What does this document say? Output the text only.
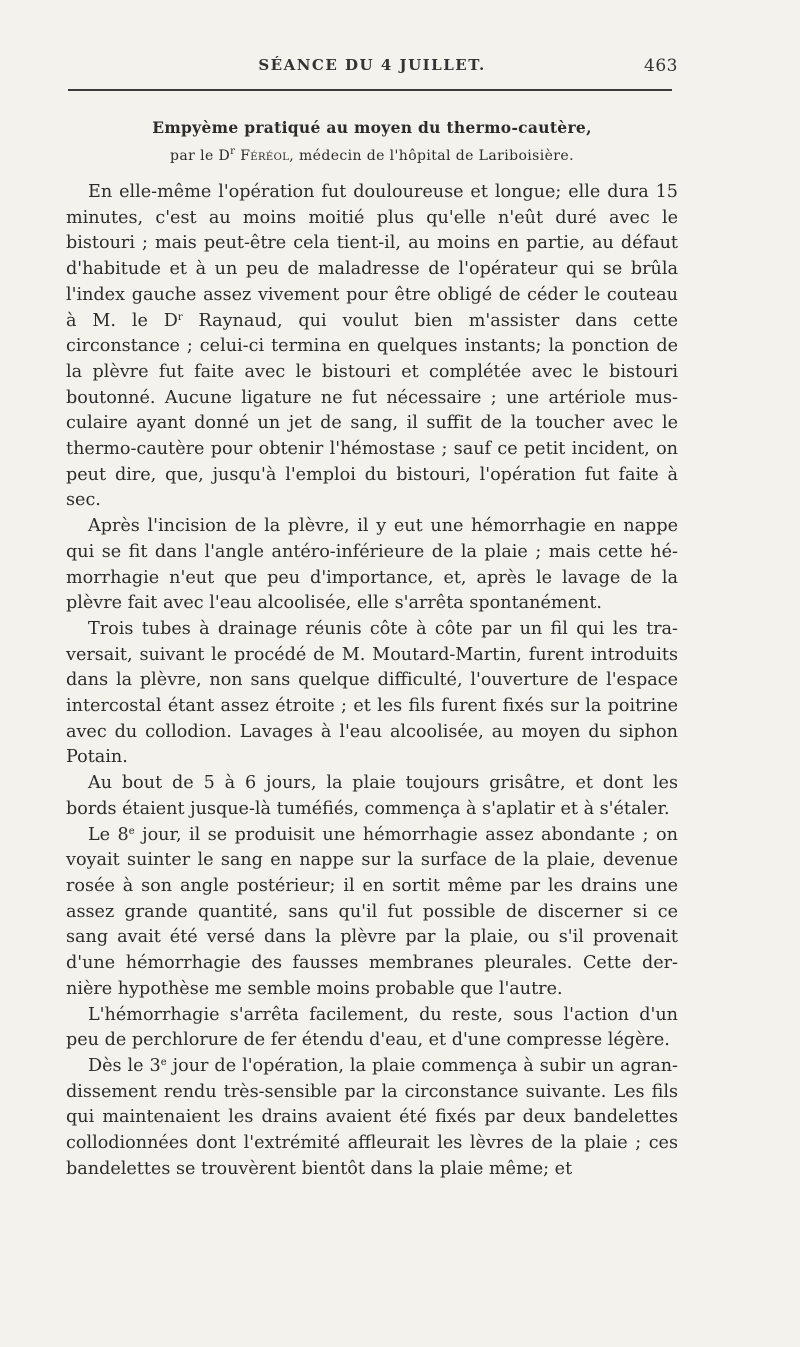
SÉANCE DU 4 JUILLET.	463
Empyème pratiqué au moyen du thermo-cautère,
par le $D^r$ Féréol, médecin de l'hôpital de Lariboisière.

En elle-même l'opération fut douloureuse et longue; elle dura 15 minutes, c'est au moins moitié plus qu'elle n'eût duré avec le bistouri ; mais peut-être cela tient-il, au moins en partie, au défaut d'habitude et à un peu de maladresse de l'opérateur qui se brûla l'index gauche assez vivement pour être obligé de céder le couteau à M. le $D^r$ Raynaud, qui voulut bien m'assister dans cette circonstance ; celui-ci termina en quelques instants; la ponction de la plèvre fut faite avec le bistouri et complétée avec le bistouri boutonné. Aucune ligature ne fut nécessaire ; une artériole musculaire ayant donné un jet de sang, il suffit de la toucher avec le thermo-cautère pour obtenir l'hémostase ; sauf ce petit incident, on peut dire, que, jusqu'à l'emploi du bistouri, l'opération fut faite à sec.

Après l'incision de la plèvre, il y eut une hémorrhagie en nappe qui se fit dans l'angle antéro-inférieure de la plaie ; mais cette hémorrhagie n'eut que peu d'importance, et, après le lavage de la plèvre fait avec l'eau alcoolisée, elle s'arrêta spontanément.

Trois tubes à drainage réunis côte à côte par un fil qui les traversait, suivant le procédé de M. Moutard-Martin, furent introduits dans la plèvre, non sans quelque difficulté, l'ouverture de l'espace intercostal étant assez étroite ; et les fils furent fixés sur la poitrine avec du collodion. Lavages à l'eau alcoolisée, au moyen du siphon Potain.

Au bout de 5 à 6 jours, la plaie toujours grisâtre, et dont les bords étaient jusque-là tuméfiés, commença à s'aplatir et à s'étaler.

Le 8e jour, il se produisit une hémorrhagie assez abondante ; on voyait suinter le sang en nappe sur la surface de la plaie, devenue rosée à son angle postérieur; il en sortit même par les drains une assez grande quantité, sans qu'il fut possible de discerner si ce sang avait été versé dans la plèvre par la plaie, ou s'il provenait d'une hémorrhagie des fausses membranes pleurales. Cette dernière hypothèse me semble moins probable que l'autre.

L'hémorrhagie s'arrêta facilement, du reste, sous l'action d'un peu de perchlorure de fer étendu d'eau, et d'une compresse légère.

Dès le 3e jour de l'opération, la plaie commença à subir un agrandissement rendu très-sensible par la circonstance suivante. Les fils qui maintenaient les drains avaient été fixés par deux bandelettes collodionnées dont l'extrémité affleurait les lèvres de la plaie ; ces bandelettes se trouvèrent bientôt dans la plaie même; et
